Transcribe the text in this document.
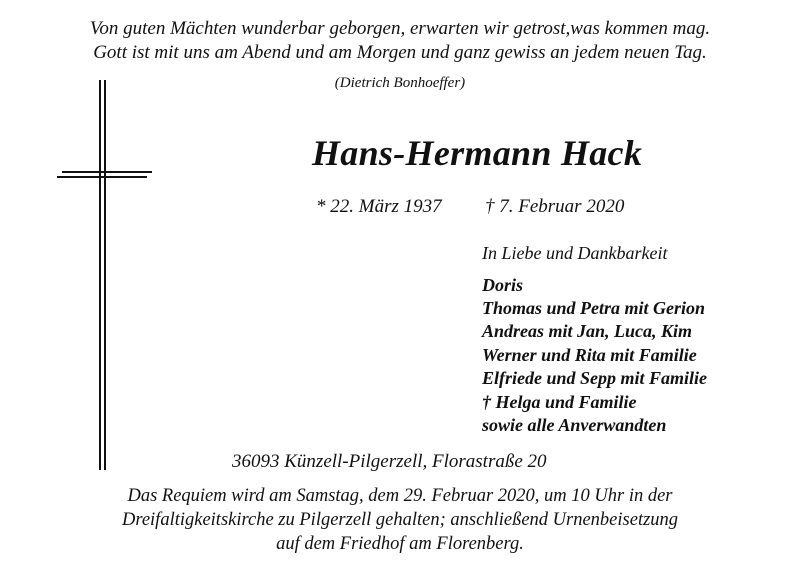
Von guten Mächten wunderbar geborgen, erwarten wir getrost,was kommen mag.
Gott ist mit uns am Abend und am Morgen und ganz gewiss an jedem neuen Tag.
(Dietrich Bonhoeffer)
Hans-Hermann Hack
* 22. März 1937 † 7. Februar 2020
In Liebe und Dankbarkeit
Doris
Thomas und Petra mit Gerion
Andreas mit Jan, Luca, Kim
Werner und Rita mit Familie
Elfriede und Sepp mit Familie
† Helga und Familie
sowie alle Anverwandten
36093 Künzell-Pilgerzell, Florastraße 20
Das Requiem wird am Samstag, dem 29. Februar 2020, um 10 Uhr in der
Dreifaltigkeitskirche zu Pilgerzell gehalten; anschließend Urnenbeisetzung
auf dem Friedhof am Florenberg.
